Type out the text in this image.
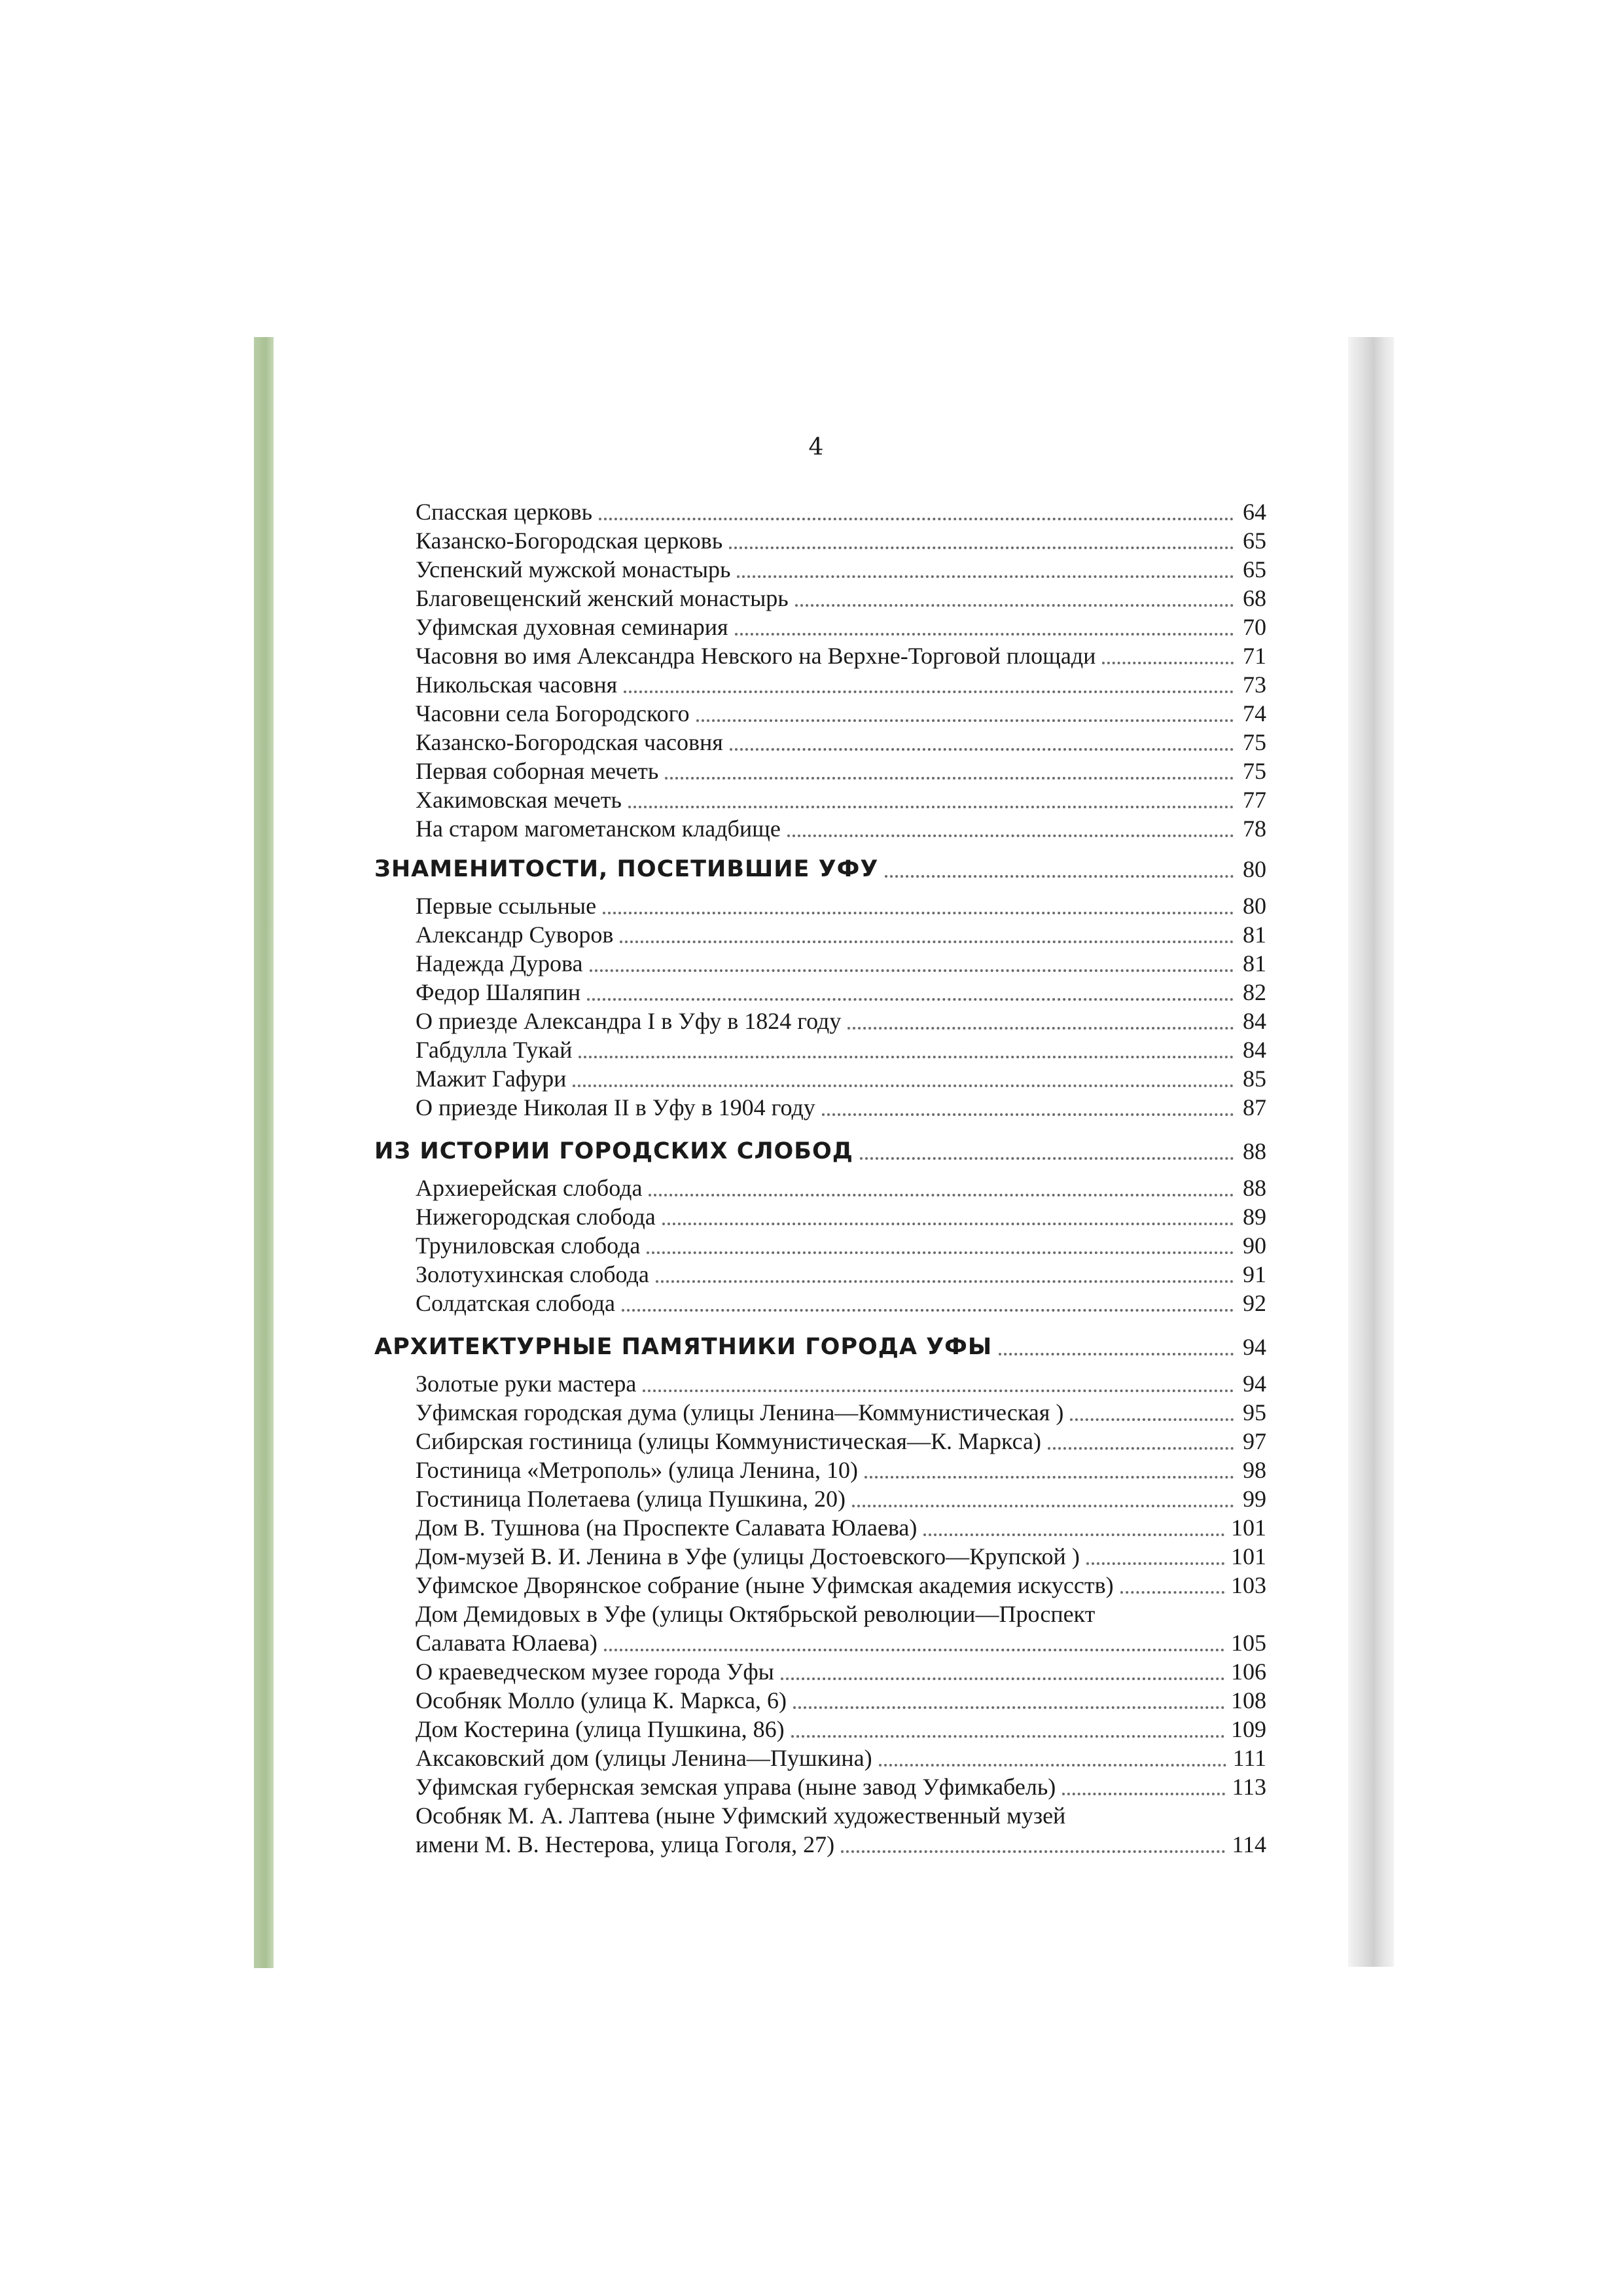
4
Спасская церковь	64
Казанско-Богородская церковь	65
Успенский мужской монастырь	65
Благовещенский женский монастырь	68
Уфимская духовная семинария	70
Часовня во имя Александра Невского на Верхне-Торговой площади	71
Никольская часовня	73
Часовни села Богородского	74
Казанско-Богородская часовня	75
Первая соборная мечеть	75
Хакимовская мечеть	77
На старом магометанском кладбище	78
ЗНАМЕНИТОСТИ, ПОСЕТИВШИЕ УФУ	80
Первые ссыльные	80
Александр Суворов	81
Надежда Дурова	81
Федор Шаляпин	82
О приезде Александра I в Уфу в 1824 году	84
Габдулла Тукай	84
Мажит Гафури	85
О приезде Николая II в Уфу в 1904 году	87
ИЗ ИСТОРИИ ГОРОДСКИХ СЛОБОД	88
Архиерейская слобода	88
Нижегородская слобода	89
Трунилoвская слобода	90
Золотухинская слобода	91
Солдатская слобода	92
АРХИТЕКТУРНЫЕ ПАМЯТНИКИ ГОРОДА УФЫ	94
Золотые руки мастера	94
Уфимская городская дума (улицы Ленина—Коммунистическая )	95
Сибирская гостиница (улицы Коммунистическая—К. Маркса)	97
Гостиница «Метрополь» (улица Ленина, 10)	98
Гостиница Полетаева (улица Пушкина, 20)	99
Дом В. Тушнова (на Проспекте Салавата Юлаева)	101
Дом-музей В. И. Ленина в Уфе (улицы Достоевского—Крупской )	101
Уфимское Дворянское собрание (ныне Уфимская академия искусств)	103
Дом Демидовых в Уфе (улицы Октябрьской революции—Проспект
Салавата Юлаева)	105
О краеведческом музее города Уфы	106
Особняк Молло (улица К. Маркса, 6)	108
Дом Костерина (улица Пушкина, 86)	109
Аксаковский дом (улицы Ленина—Пушкина)	111
Уфимская губернская земская управа (ныне завод Уфимкабель)	113
Особняк М. А. Лаптева (ныне Уфимский художественный музей
имени М. В. Нестерова, улица Гоголя, 27)	114
